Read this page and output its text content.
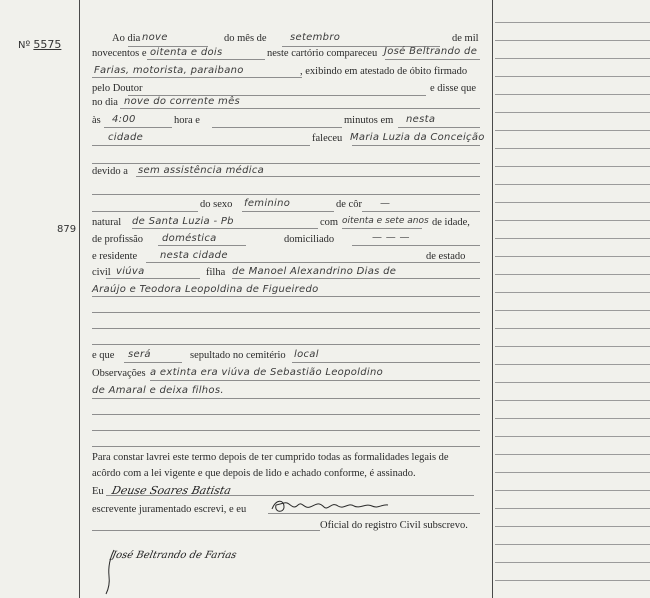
Nº 5575
879
Ao dia nove	do mês de setembro	de mil
novecentos e oitenta e dois	neste cartório compareceu José Beltrando de
Farias, motorista, paraibano	, exibindo em atestado de óbito firmado
pelo Doutor	e disse que
no dia nove do corrente mês
às 4:00	hora e	minutos em nesta
cidade	faleceu Maria Luzia da Conceição
devido a sem assistência médica
do sexo feminino	de côr —
natural de Santa Luzia - Pb	com oitenta e sete anos de idade,
de profissão doméstica	domiciliado	— — —
e residente nesta cidade	de estado
civil viúva	filha de Manoel Alexandrino Dias de
Araújo e Teodora Leopoldina de Figueiredo
e que será	sepultado no cemitério local
Observações a extinta era viúva de Sebastião Leopoldino
de Amaral e deixa filhos.
Para constar lavrei este termo depois de ter cumprido todas as formalidades legais de
acôrdo com a lei vigente e que depois de lido e achado conforme, é assinado.
Eu Deuse Soares Batista
escrevente juramentado escrevi, e eu
Oficial do registro Civil subscrevo.
José Beltrando de Farias
